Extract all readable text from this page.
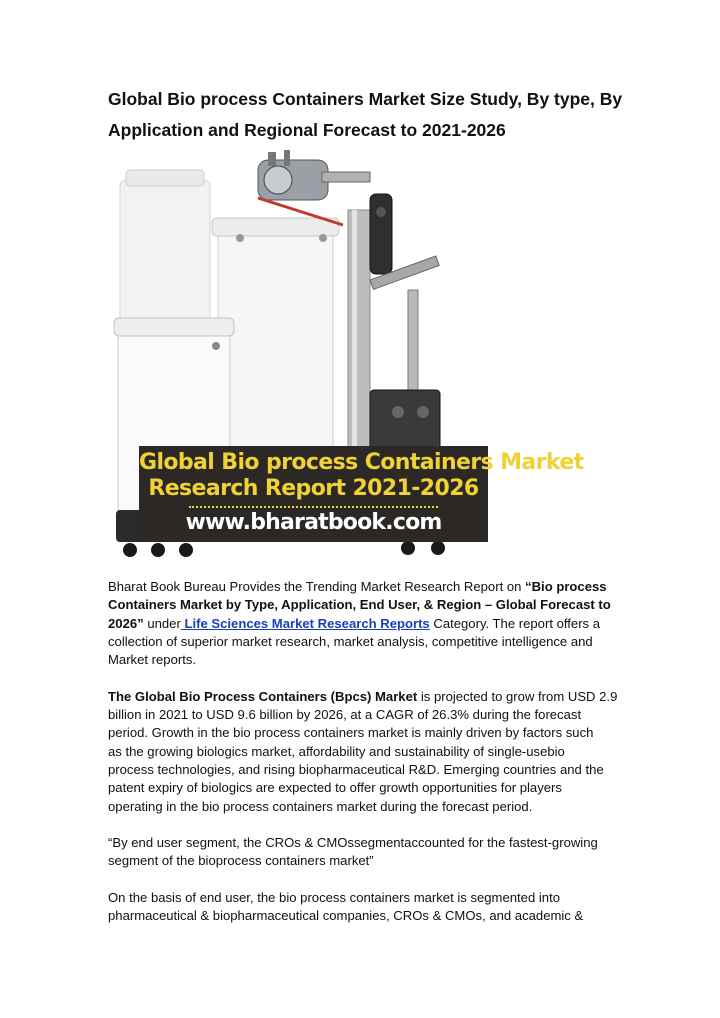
Global Bio process Containers Market Size Study, By type, By
Application and Regional Forecast to 2021-2026
Global Bio process Containers Market
Research Report 2021-2026
www.bharatbook.com
Bharat Book Bureau Provides the Trending Market Research Report on “Bio process
Containers Market by Type, Application, End User, & Region – Global Forecast to
2026” under Life Sciences Market Research Reports Category. The report offers a
collection of superior market research, market analysis, competitive intelligence and
Market reports.
The Global Bio Process Containers (Bpcs) Market is projected to grow from USD 2.9
billion in 2021 to USD 9.6 billion by 2026, at a CAGR of 26.3% during the forecast
period. Growth in the bio process containers market is mainly driven by factors such
as the growing biologics market, affordability and sustainability of single-usebio
process technologies, and rising biopharmaceutical R&D. Emerging countries and the
patent expiry of biologics are expected to offer growth opportunities for players
operating in the bio process containers market during the forecast period.
“By end user segment, the CROs & CMOssegmentaccounted for the fastest-growing
segment of the bioprocess containers market”
On the basis of end user, the bio process containers market is segmented into
pharmaceutical & biopharmaceutical companies, CROs & CMOs, and academic &
